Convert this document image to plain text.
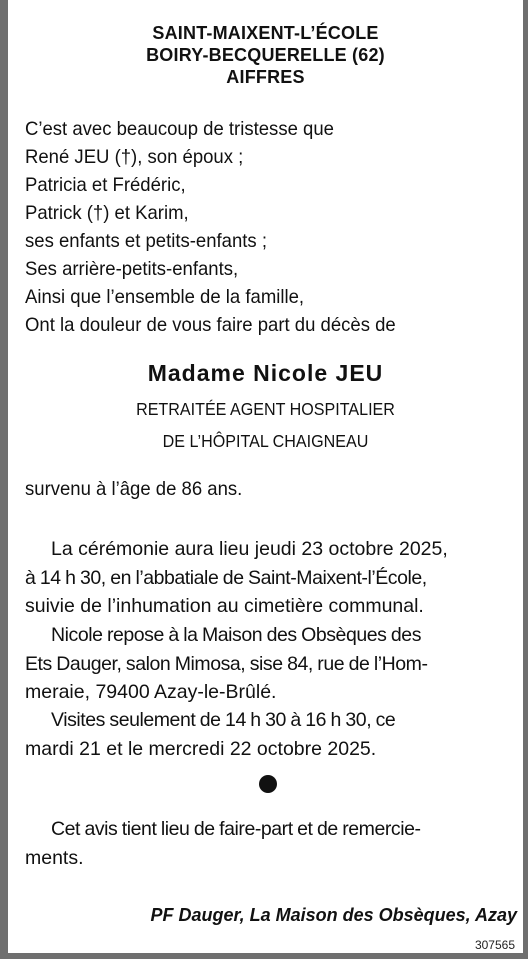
SAINT-MAIXENT-L’ÉCOLE
BOIRY-BECQUERELLE (62)
AIFFRES
C’est avec beaucoup de tristesse que
René JEU (†), son époux ;
Patricia et Frédéric,
Patrick (†) et Karim,
ses enfants et petits-enfants ;
Ses arrière-petits-enfants,
Ainsi que l’ensemble de la famille,
Ont la douleur de vous faire part du décès de
Madame Nicole JEU
RETRAITÉE AGENT HOSPITALIER
DE L’HÔPITAL CHAIGNEAU
survenu à l’âge de 86 ans.
La cérémonie aura lieu jeudi 23 octobre 2025,
à 14 h 30, en l’abbatiale de Saint-Maixent-l’École,
suivie de l’inhumation au cimetière communal.
Nicole repose à la Maison des Obsèques des
Ets Dauger, salon Mimosa, sise 84, rue de l’Hom-
meraie, 79400 Azay-le-Brûlé.
Visites seulement de 14 h 30 à 16 h 30, ce
mardi 21 et le mercredi 22 octobre 2025.
Cet avis tient lieu de faire-part et de remercie-
ments.
PF Dauger, La Maison des Obsèques, Azay
307565
